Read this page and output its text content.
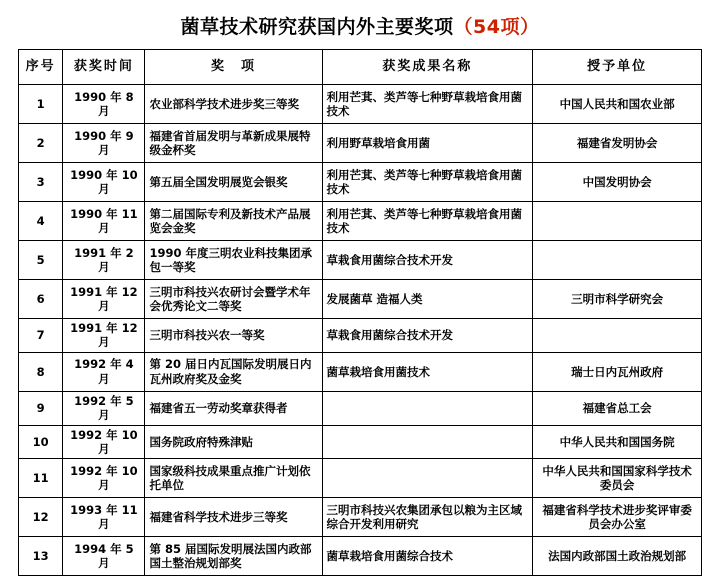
菌草技术研究获国内外主要奖项（54项）
序号	获奖时间	奖　项	获奖成果名称	授予单位
1	1990 年 8 月	农业部科学技术进步奖三等奖	利用芒萁、类芦等七种野草栽培食用菌技术	中国人民共和国农业部
2	1990 年 9 月	福建省首届发明与革新成果展特级金杯奖	利用野草栽培食用菌	福建省发明协会
3	1990 年 10 月	第五届全国发明展览会银奖	利用芒萁、类芦等七种野草栽培食用菌技术	中国发明协会
4	1990 年 11 月	第二届国际专利及新技术产品展览会金奖	利用芒萁、类芦等七种野草栽培食用菌技术	
5	1991 年 2 月	1990 年度三明农业科技集团承包一等奖	草栽食用菌综合技术开发	
6	1991 年 12 月	三明市科技兴农研讨会暨学术年会优秀论文二等奖	发展菌草 造福人类	三明市科学研究会
7	1991 年 12 月	三明市科技兴农一等奖	草栽食用菌综合技术开发	
8	1992 年 4 月	第 20 届日内瓦国际发明展日内瓦州政府奖及金奖	菌草栽培食用菌技术	瑞士日内瓦州政府
9	1992 年 5 月	福建省五一劳动奖章获得者		福建省总工会
10	1992 年 10 月	国务院政府特殊津贴		中华人民共和国国务院
11	1992 年 10 月	国家级科技成果重点推广计划依托单位		中华人民共和国国家科学技术委员会
12	1993 年 11 月	福建省科学技术进步三等奖	三明市科技兴农集团承包以粮为主区域综合开发利用研究	福建省科学技术进步奖评审委员会办公室
13	1994 年 5 月	第 85 届国际发明展法国内政部国土整治规划部奖	菌草栽培食用菌综合技术	法国内政部国土政治规划部
